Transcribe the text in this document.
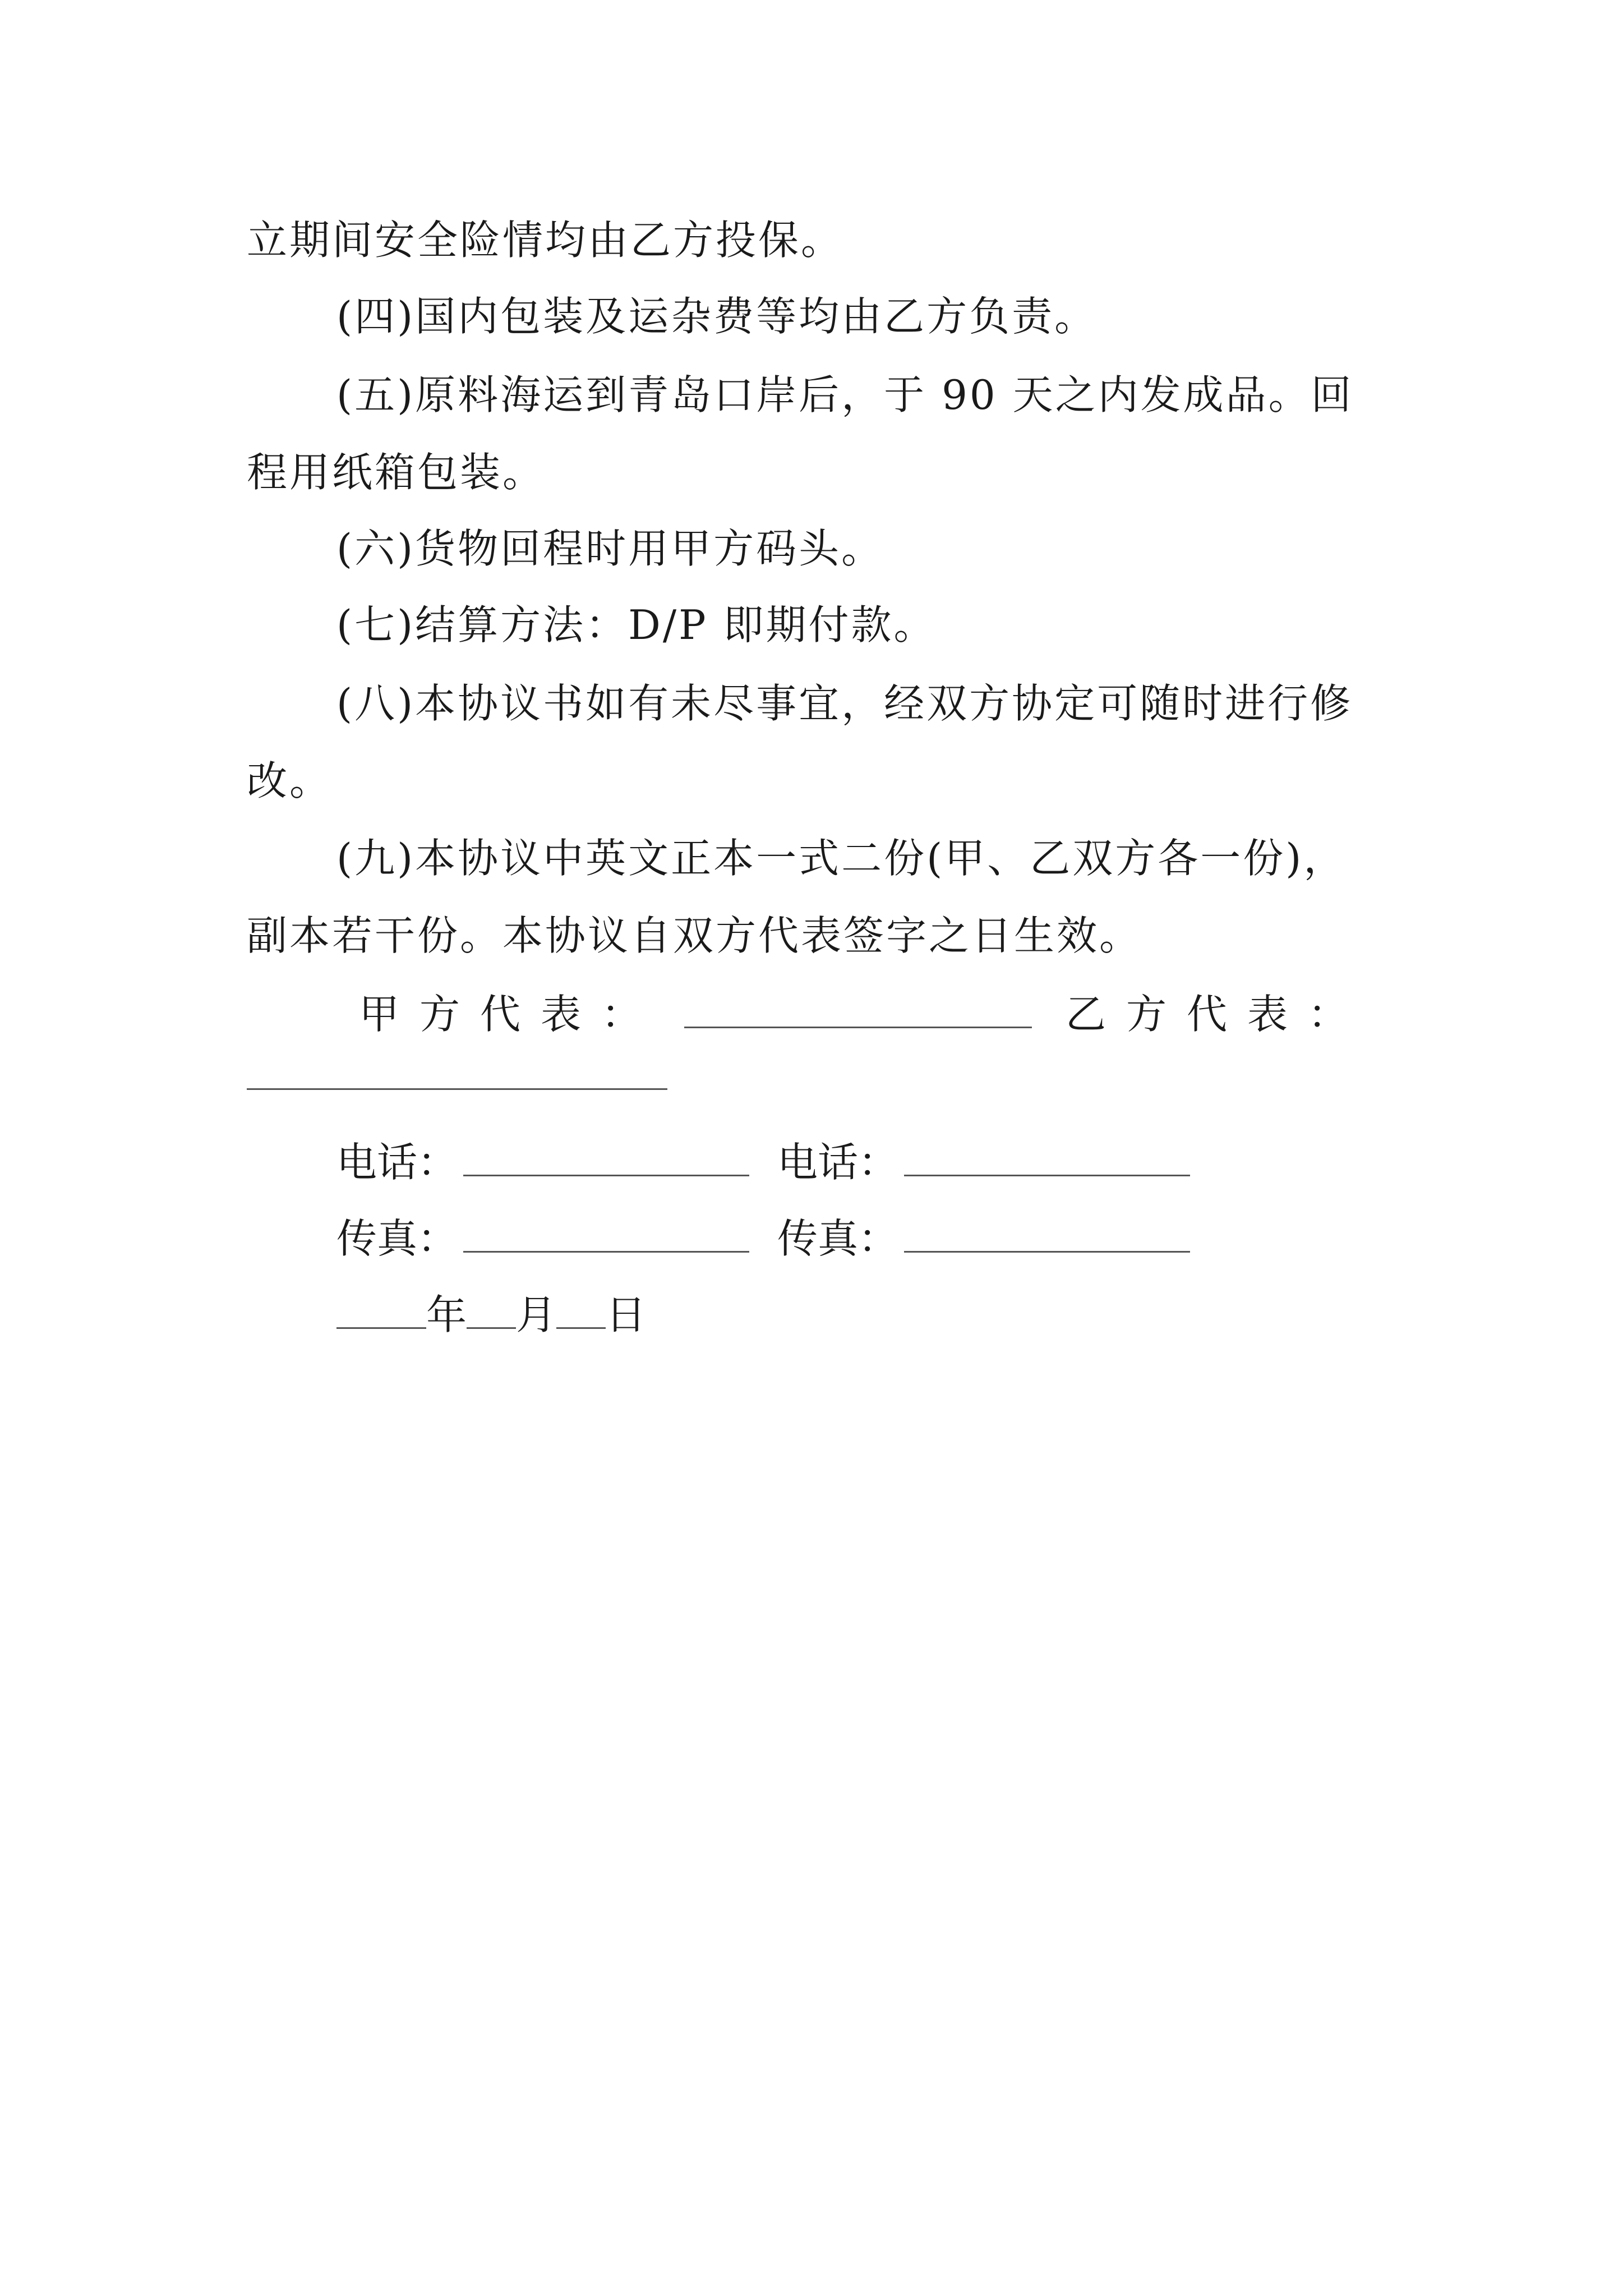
立期间安全险情均由乙方投保。
(四)国内包装及运杂费等均由乙方负责。
(五)原料海运到青岛口岸后，于 90 天之内发成品。回
程用纸箱包装。
(六)货物回程时用甲方码头。
(七)结算方法：D/P 即期付款。
(八)本协议书如有未尽事宜，经双方协定可随时进行修
改。
(九)本协议中英文正本一式二份(甲、乙双方各一份)，
副本若干份。本协议自双方代表签字之日生效。
甲方代表：	乙方代表：
电话：	电话：
传真：	传真：
年 月 日
